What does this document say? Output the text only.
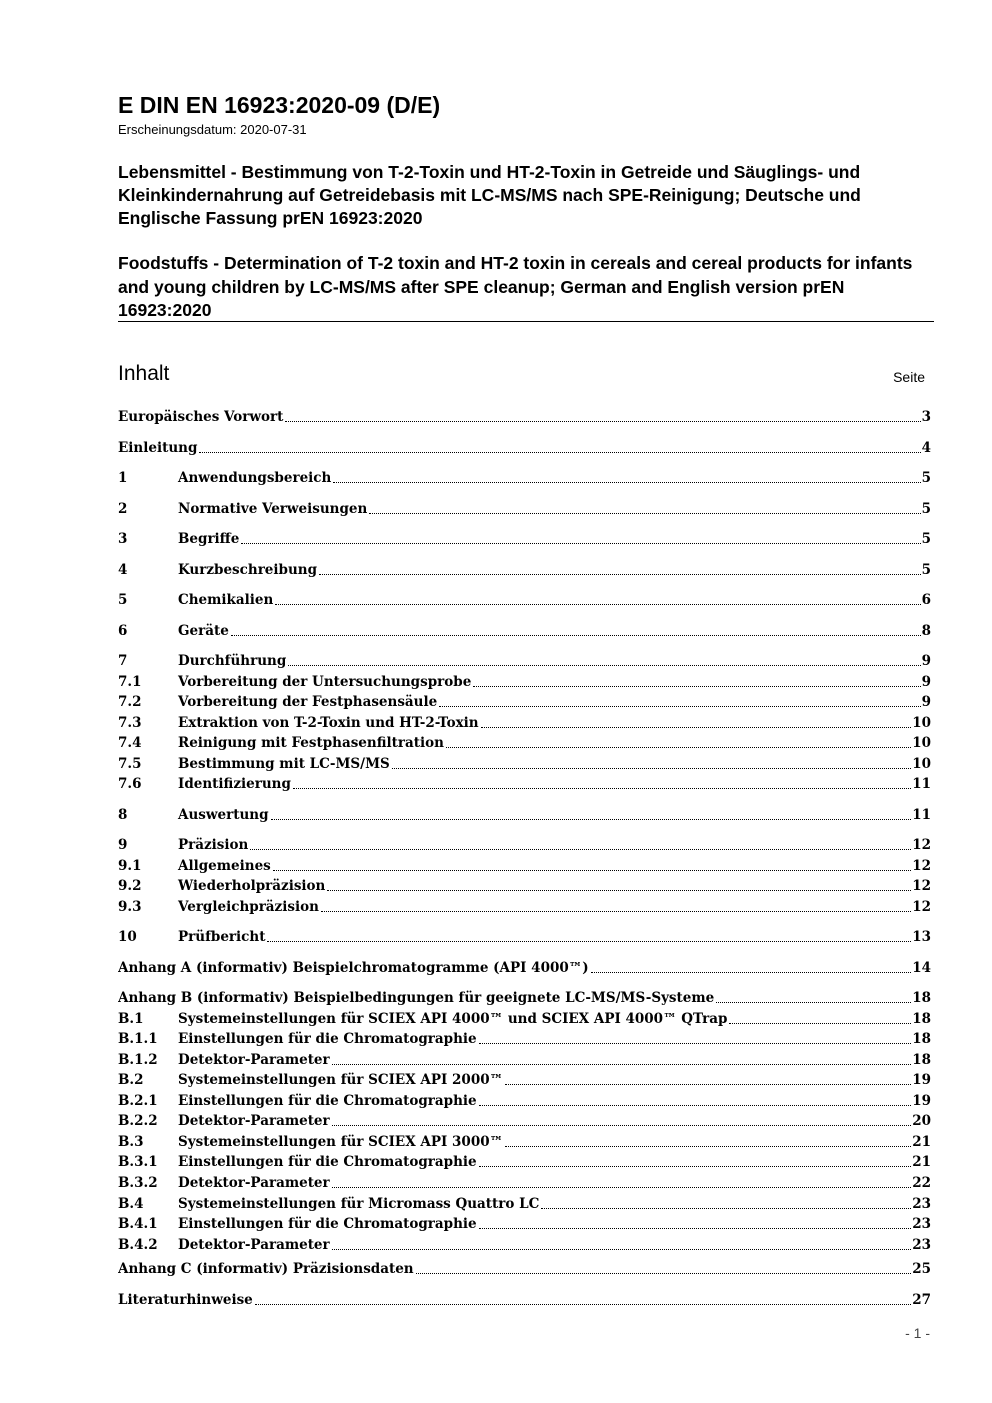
E DIN EN 16923:2020-09 (D/E)
Erscheinungsdatum: 2020-07-31
Lebensmittel - Bestimmung von T-2-Toxin und HT-2-Toxin in Getreide und Säuglings- und Kleinkindernahrung auf Getreidebasis mit LC-MS/MS nach SPE-Reinigung; Deutsche und Englische Fassung prEN 16923:2020
Foodstuffs - Determination of T-2 toxin and HT-2 toxin in cereals and cereal products for infants and young children by LC-MS/MS after SPE cleanup; German and English version prEN 16923:2020
Inhalt	Seite
Europäisches Vorwort	3
Einleitung	4
1	Anwendungsbereich	5
2	Normative Verweisungen	5
3	Begriffe	5
4	Kurzbeschreibung	5
5	Chemikalien	6
6	Geräte	8
7	Durchführung	9
7.1	Vorbereitung der Untersuchungsprobe	9
7.2	Vorbereitung der Festphasensäule	9
7.3	Extraktion von T-2-Toxin und HT-2-Toxin	10
7.4	Reinigung mit Festphasenfiltration	10
7.5	Bestimmung mit LC-MS/MS	10
7.6	Identifizierung	11
8	Auswertung	11
9	Präzision	12
9.1	Allgemeines	12
9.2	Wiederholpräzision	12
9.3	Vergleichpräzision	12
10	Prüfbericht	13
Anhang A (informativ) Beispielchromatogramme (API 4000™)	14
Anhang B (informativ) Beispielbedingungen für geeignete LC-MS/MS-Systeme	18
B.1	Systemeinstellungen für SCIEX API 4000™ und SCIEX API 4000™ QTrap	18
B.1.1 Einstellungen für die Chromatographie	18
B.1.2 Detektor-Parameter	18
B.2	Systemeinstellungen für SCIEX API 2000™	19
B.2.1 Einstellungen für die Chromatographie	19
B.2.2 Detektor-Parameter	20
B.3	Systemeinstellungen für SCIEX API 3000™	21
B.3.1 Einstellungen für die Chromatographie	21
B.3.2 Detektor-Parameter	22
B.4	Systemeinstellungen für Micromass Quattro LC	23
B.4.1 Einstellungen für die Chromatographie	23
B.4.2 Detektor-Parameter	23
Anhang C (informativ) Präzisionsdaten	25
Literaturhinweise	27
- 1 -
